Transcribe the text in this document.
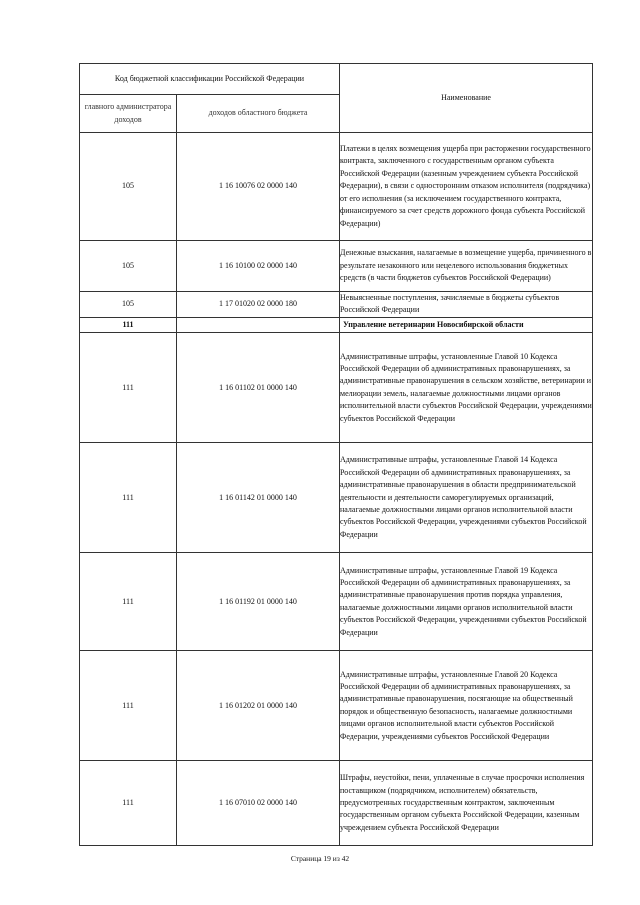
Код бюджетной классификации Российской Федерации		Наименование
главного администратора доходов	доходов областного бюджета	
105	1 16 10076 02 0000 140	Платежи в целях возмещения ущерба при расторжении государственного контракта, заключенного с государственным органом субъекта Российской Федерации (казенным учреждением субъекта Российской Федерации), в связи с односторонним отказом исполнителя (подрядчика) от его исполнения (за исключением государственного контракта, финансируемого за счет средств дорожного фонда субъекта Российской Федерации)
105	1 16 10100 02 0000 140	Денежные взыскания, налагаемые в возмещение ущерба, причиненного в результате незаконного или нецелевого использования бюджетных средств (в части бюджетов субъектов Российской Федерации)
105	1 17 01020 02 0000 180	Невыясненные поступления, зачисляемые в бюджеты субъектов Российской Федерации
111		Управление ветеринарии Новосибирской области
111	1 16 01102 01 0000 140	Административные штрафы, установленные Главой 10 Кодекса Российской Федерации об административных правонарушениях, за административные правонарушения в сельском хозяйстве, ветеринарии и мелиорации земель, налагаемые должностными лицами органов исполнительной власти субъектов Российской Федерации, учреждениями субъектов Российской Федерации
111	1 16 01142 01 0000 140	Административные штрафы, установленные Главой 14 Кодекса Российской Федерации об административных правонарушениях, за административные правонарушения в области предпринимательской деятельности и деятельности саморегулируемых организаций, налагаемые должностными лицами органов исполнительной власти субъектов Российской Федерации, учреждениями субъектов Российской Федерации
111	1 16 01192 01 0000 140	Административные штрафы, установленные Главой 19 Кодекса Российской Федерации об административных правонарушениях, за административные правонарушения против порядка управления, налагаемые должностными лицами органов исполнительной власти субъектов Российской Федерации, учреждениями субъектов Российской Федерации
111	1 16 01202 01 0000 140	Административные штрафы, установленные Главой 20 Кодекса Российской Федерации об административных правонарушениях, за административные правонарушения, посягающие на общественный порядок и общественную безопасность, налагаемые должностными лицами органов исполнительной власти субъектов Российской Федерации, учреждениями субъектов Российской Федерации
111	1 16 07010 02 0000 140	Штрафы, неустойки, пени, уплаченные в случае просрочки исполнения поставщиком (подрядчиком, исполнителем) обязательств, предусмотренных государственным контрактом, заключенным государственным органом субъекта Российской Федерации, казенным учреждением субъекта Российской Федерации
Страница 19 из 42
